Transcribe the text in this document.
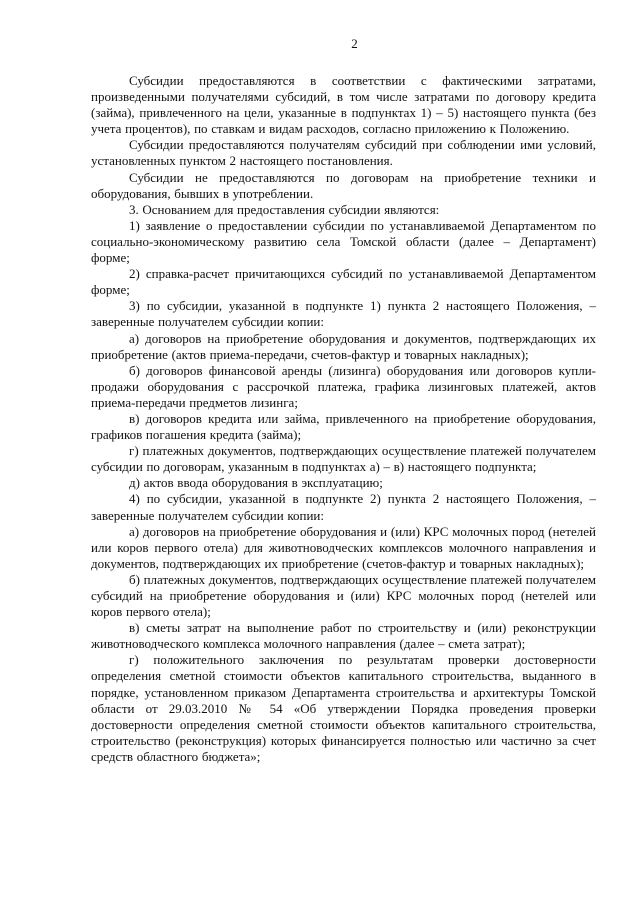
2

Субсидии предоставляются в соответствии с фактическими затратами, произведенными получателями субсидий, в том числе затратами по договору кредита (займа), привлеченного на цели, указанные в подпунктах 1) – 5) настоящего пункта (без учета процентов), по ставкам и видам расходов, согласно приложению к Положению.

Субсидии предоставляются получателям субсидий при соблюдении ими условий, установленных пунктом 2 настоящего постановления.

Субсидии не предоставляются по договорам на приобретение техники и оборудования, бывших в употреблении.

3. Основанием для предоставления субсидии являются:

1) заявление о предоставлении субсидии по устанавливаемой Департаментом по социально-экономическому развитию села Томской области (далее – Департамент) форме;

2) справка-расчет причитающихся субсидий по устанавливаемой Департаментом форме;

3) по субсидии, указанной в подпункте 1) пункта 2 настоящего Положения, – заверенные получателем субсидии копии:

а) договоров на приобретение оборудования и документов, подтверждающих их приобретение (актов приема-передачи, счетов-фактур и товарных накладных);

б) договоров финансовой аренды (лизинга) оборудования или договоров купли-продажи оборудования с рассрочкой платежа, графика лизинговых платежей, актов приема-передачи предметов лизинга;

в) договоров кредита или займа, привлеченного на приобретение оборудования, графиков погашения кредита (займа);

г) платежных документов, подтверждающих осуществление платежей получателем субсидии по договорам, указанным в подпунктах а) – в) настоящего подпункта;

д) актов ввода оборудования в эксплуатацию;

4) по субсидии, указанной в подпункте 2) пункта 2 настоящего Положения, – заверенные получателем субсидии копии:

а) договоров на приобретение оборудования и (или) КРС молочных пород (нетелей или коров первого отела) для животноводческих комплексов молочного направления и документов, подтверждающих их приобретение (счетов-фактур и товарных накладных);

б) платежных документов, подтверждающих осуществление платежей получателем субсидий на приобретение оборудования и (или) КРС молочных пород (нетелей или коров первого отела);

в) сметы затрат на выполнение работ по строительству и (или) реконструкции животноводческого комплекса молочного направления (далее – смета затрат);

г) положительного заключения по результатам проверки достоверности определения сметной стоимости объектов капитального строительства, выданного в порядке, установленном приказом Департамента строительства и архитектуры Томской области от 29.03.2010 № 54 «Об утверждении Порядка проведения проверки достоверности определения сметной стоимости объектов капитального строительства, строительство (реконструкция) которых финансируется полностью или частично за счет средств областного бюджета»;
